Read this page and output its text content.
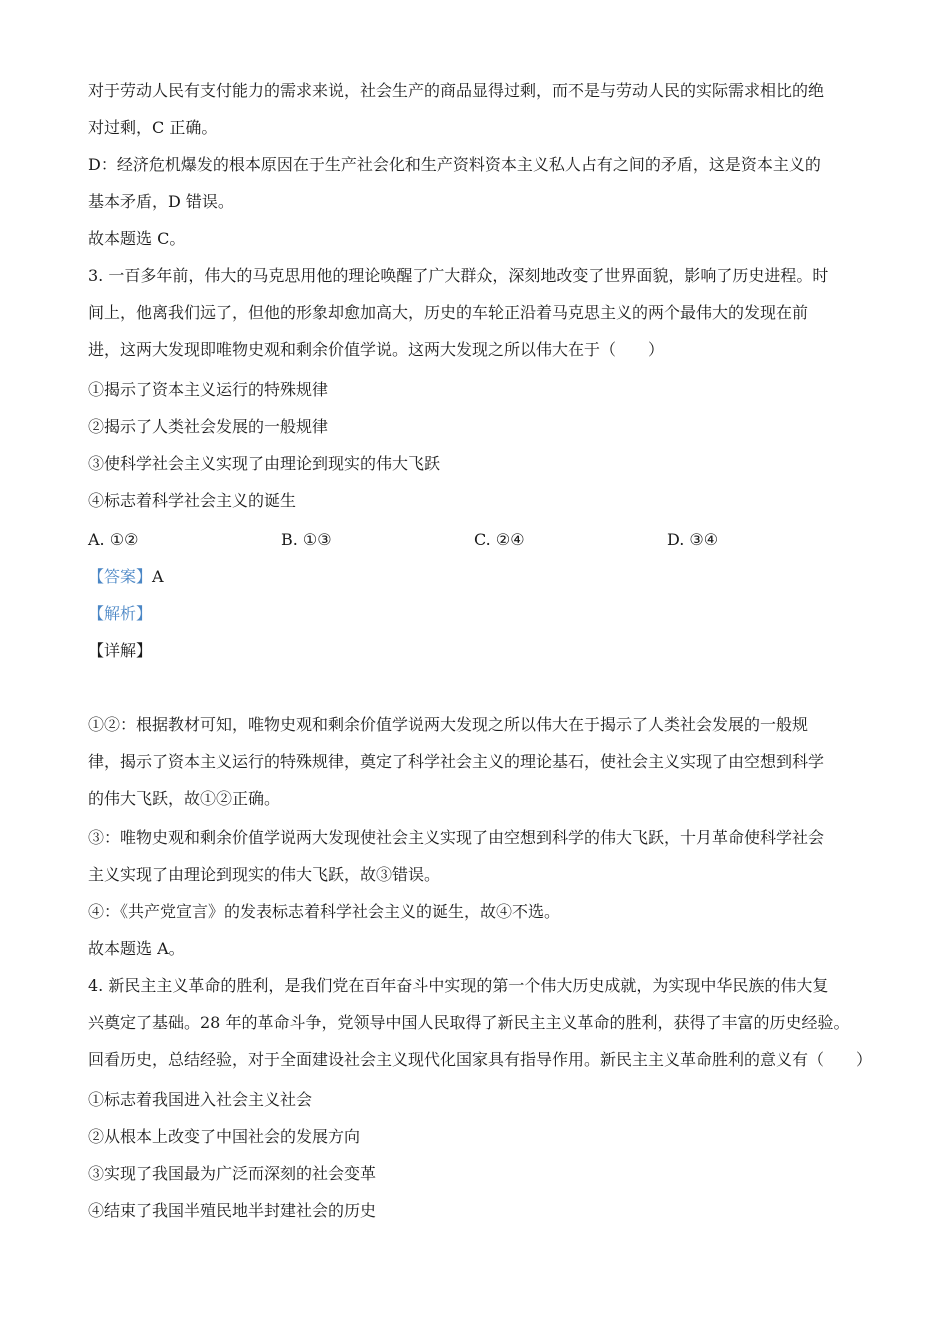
对于劳动人民有支付能力的需求来说，社会生产的商品显得过剩，而不是与劳动人民的实际需求相比的绝
对过剩，C 正确。
D：经济危机爆发的根本原因在于生产社会化和生产资料资本主义私人占有之间的矛盾，这是资本主义的
基本矛盾，D 错误。
故本题选 C。
3. 一百多年前，伟大的马克思用他的理论唤醒了广大群众，深刻地改变了世界面貌，影响了历史进程。时
间上，他离我们远了，但他的形象却愈加高大，历史的车轮正沿着马克思主义的两个最伟大的发现在前
进，这两大发现即唯物史观和剩余价值学说。这两大发现之所以伟大在于（　　）
①揭示了资本主义运行的特殊规律
②揭示了人类社会发展的一般规律
③使科学社会主义实现了由理论到现实的伟大飞跃
④标志着科学社会主义的诞生
A. ①②	B. ①③	C. ②④	D. ③④
【答案】A
【解析】
【详解】
①②：根据教材可知，唯物史观和剩余价值学说两大发现之所以伟大在于揭示了人类社会发展的一般规
律，揭示了资本主义运行的特殊规律，奠定了科学社会主义的理论基石，使社会主义实现了由空想到科学
的伟大飞跃，故①②正确。
③：唯物史观和剩余价值学说两大发现使社会主义实现了由空想到科学的伟大飞跃，十月革命使科学社会
主义实现了由理论到现实的伟大飞跃，故③错误。
④：《共产党宣言》的发表标志着科学社会主义的诞生，故④不选。
故本题选 A。
4. 新民主主义革命的胜利，是我们党在百年奋斗中实现的第一个伟大历史成就，为实现中华民族的伟大复
兴奠定了基础。28 年的革命斗争，党领导中国人民取得了新民主主义革命的胜利，获得了丰富的历史经验。
回看历史，总结经验，对于全面建设社会主义现代化国家具有指导作用。新民主主义革命胜利的意义有（　　）
①标志着我国进入社会主义社会
②从根本上改变了中国社会的发展方向
③实现了我国最为广泛而深刻的社会变革
④结束了我国半殖民地半封建社会的历史
